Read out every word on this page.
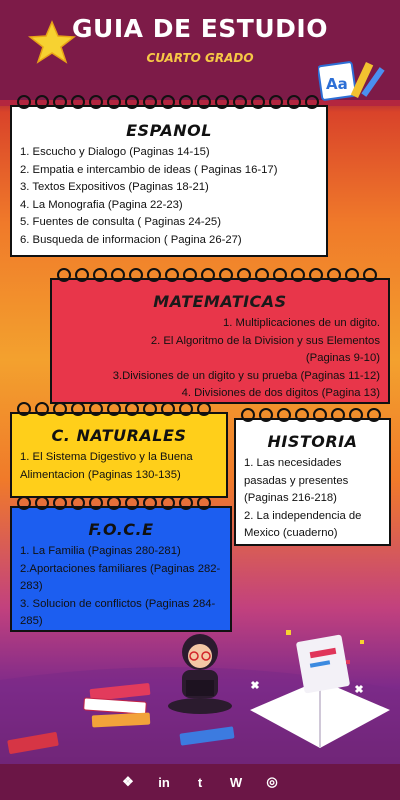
GUIA DE ESTUDIO
CUARTO GRADO
Aa
ESPANOL
1. Escucho y Dialogo (Paginas 14-15)
2. Empatia e intercambio de ideas ( Paginas 16-17)
3. Textos Expositivos (Paginas 18-21)
4. La Monografia (Pagina 22-23)
5. Fuentes de consulta ( Paginas 24-25)
6. Busqueda de informacion ( Pagina 26-27)
MATEMATICAS
1. Multiplicaciones de un digito.
2. El Algoritmo de la Division y sus Elementos
(Paginas 9-10)
3.Divisiones de un digito y su prueba (Paginas 11-12)
4. Divisiones de dos digitos (Pagina 13)
C. NATURALES
1. El Sistema Digestivo y la Buena Alimentacion (Paginas 130-135)
HISTORIA
1. Las necesidades pasadas y presentes (Paginas 216-218)
2. La independencia de Mexico (cuaderno)
F.O.C.E
1. La Familia (Paginas 280-281)
2.Aportaciones familiares (Paginas 282-283)
3. Solucion de conflictos (Paginas 284-285)
❖ in	t	W ◎
